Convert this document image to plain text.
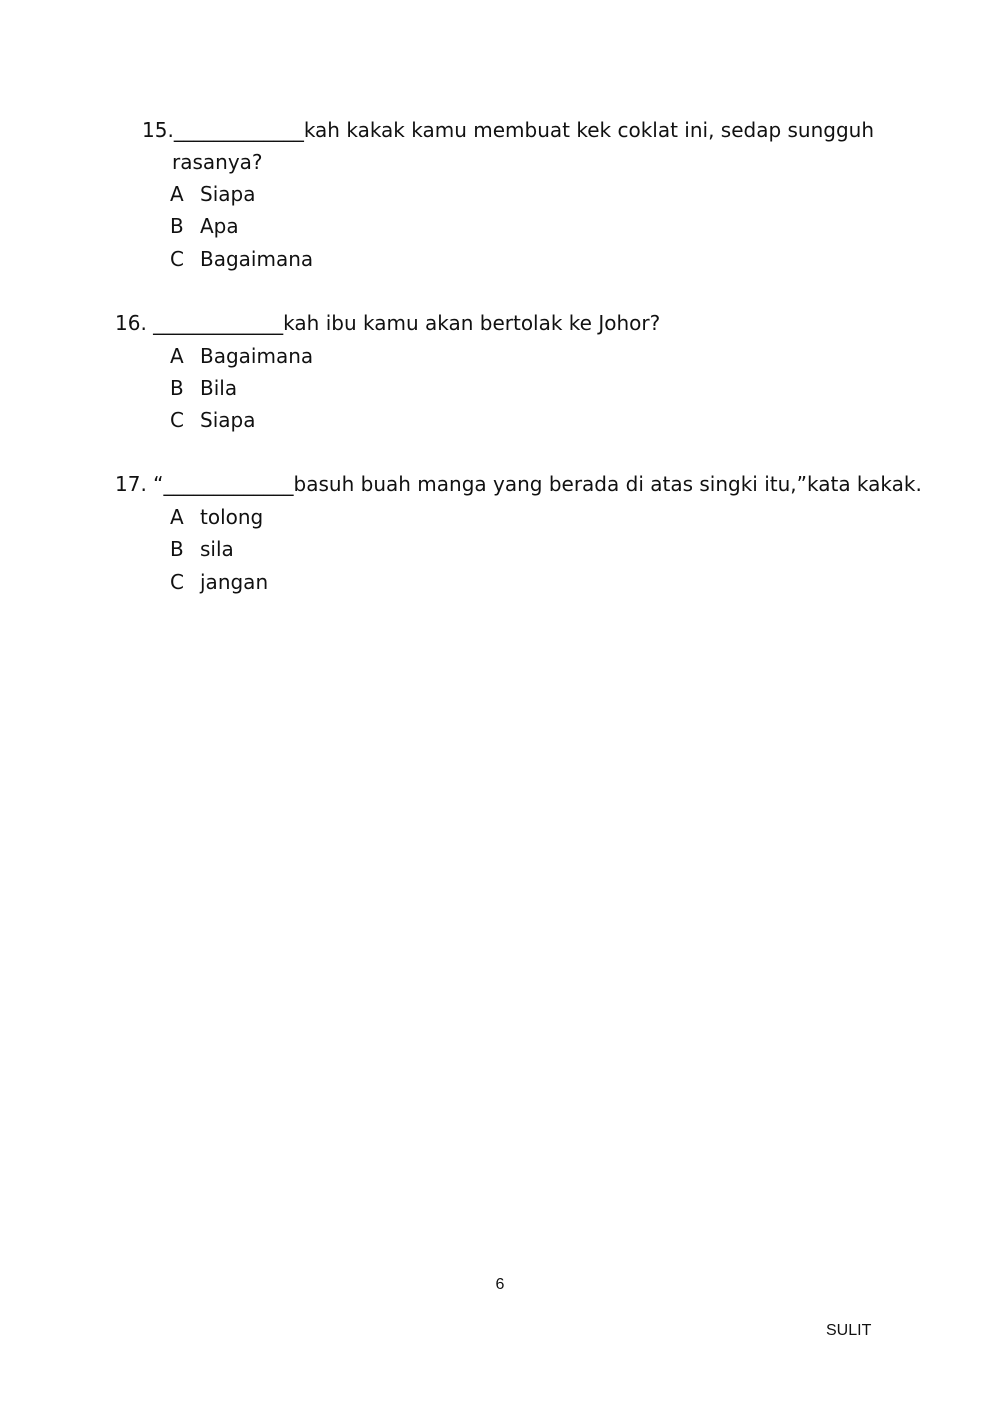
15._____________kah kakak kamu membuat kek coklat ini, sedap sungguh
rasanya?
A Siapa
B Apa
C Bagaimana
16. _____________kah ibu kamu akan bertolak ke Johor?
A Bagaimana
B Bila
C Siapa
17. “_____________basuh buah manga yang berada di atas singki itu,”kata kakak.
A tolong
B sila
C jangan
6
SULIT
